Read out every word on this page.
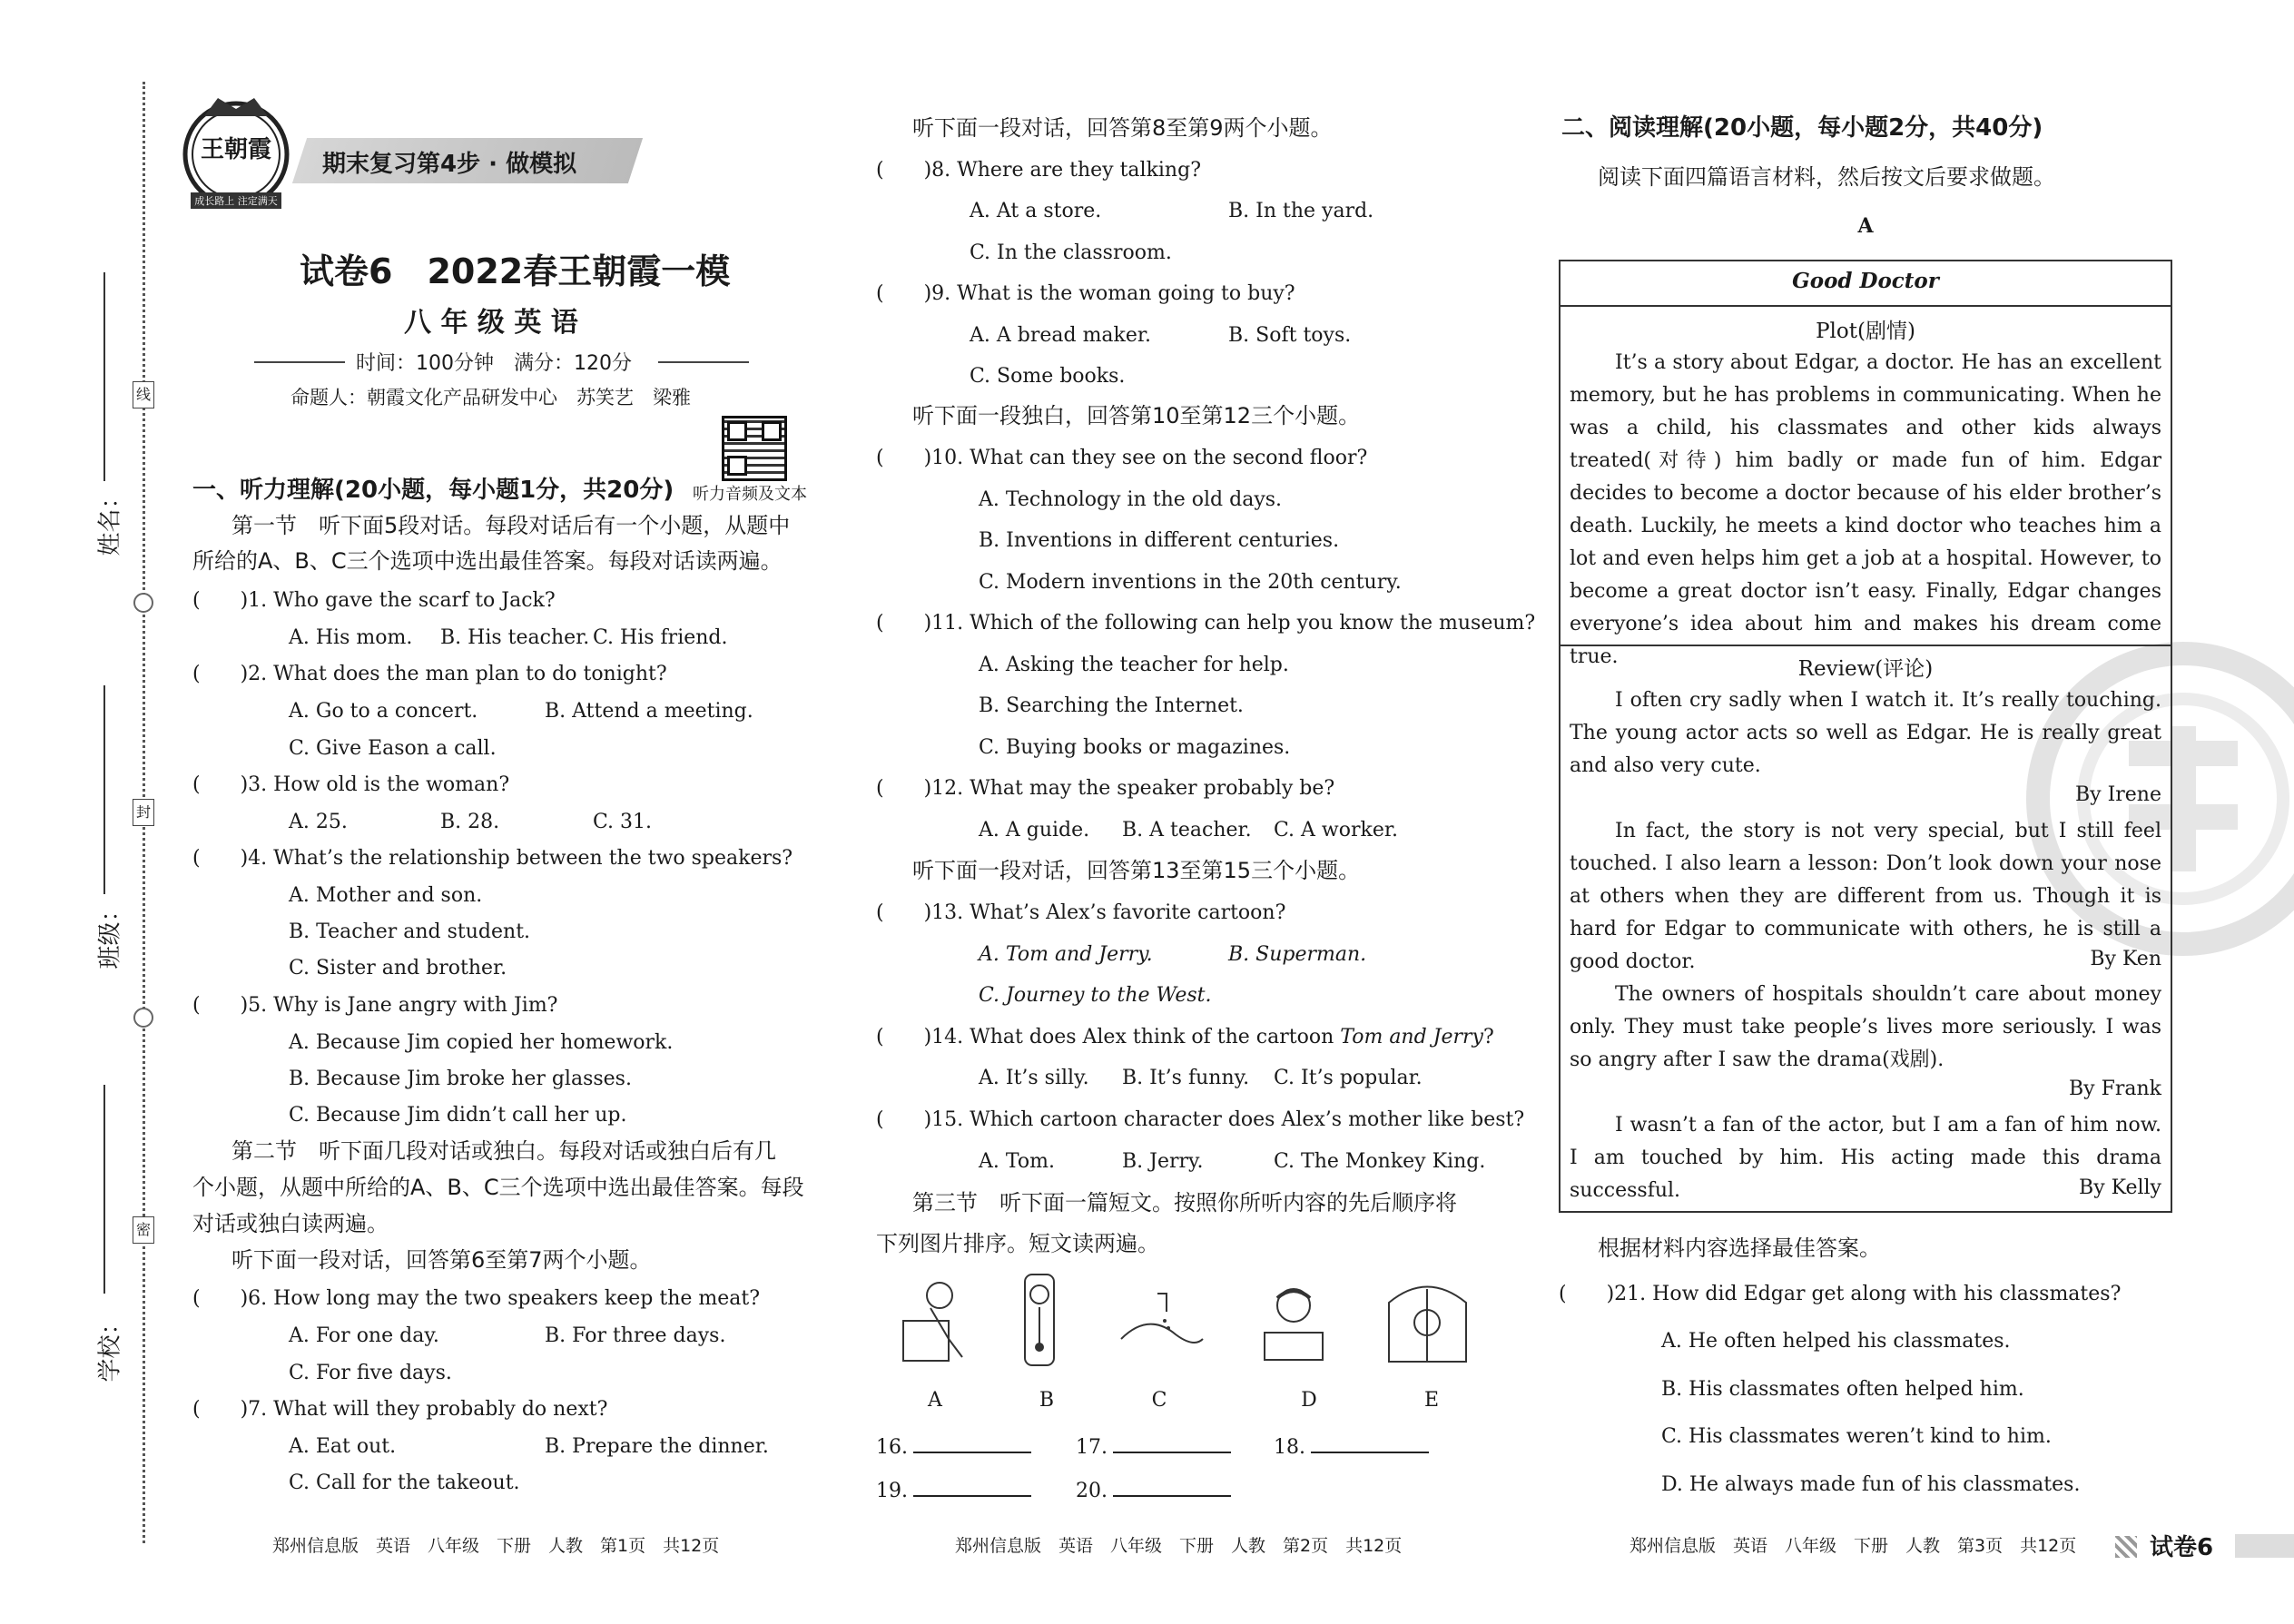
线
封
密
姓名：
班级：
学校：
王朝霞
成长路上 注定满天
期末复习第4步 · 做模拟
试卷6　2022春王朝霞一模
八 年 级 英 语
时间：100分钟　满分：120分
命题人：朝霞文化产品研发中心　苏笑艺　梁雅
听力音频及文本
一、听力理解(20小题，每小题1分，共20分)
第一节　听下面5段对话。每段对话后有一个小题，从题中
所给的A、B、C三个选项中选出最佳答案。每段对话读两遍。
(　　)1. Who gave the scarf to Jack?
A. His mom. B. His teacher. C. His friend.
(　　)2. What does the man plan to do tonight?
A. Go to a concert.	B. Attend a meeting.
C. Give Eason a call.
(　　)3. How old is the woman?
A. 25.	B. 28.	C. 31.
(　　)4. What’s the relationship between the two speakers?
A. Mother and son.
B. Teacher and student.
C. Sister and brother.
(　　)5. Why is Jane angry with Jim?
A. Because Jim copied her homework.
B. Because Jim broke her glasses.
C. Because Jim didn’t call her up.
第二节　听下面几段对话或独白。每段对话或独白后有几
个小题，从题中所给的A、B、C三个选项中选出最佳答案。每段
对话或独白读两遍。
听下面一段对话，回答第6至第7两个小题。
(　　)6. How long may the two speakers keep the meat?
A. For one day.	B. For three days.
C. For five days.
(　　)7. What will they probably do next?
A. Eat out.	B. Prepare the dinner.
C. Call for the takeout.
郑州信息版　英语　八年级　下册　人教　第1页　共12页
听下面一段对话，回答第8至第9两个小题。
(　　)8. Where are they talking?
A. At a store.	B. In the yard.
C. In the classroom.
(　　)9. What is the woman going to buy?
A. A bread maker.	B. Soft toys.
C. Some books.
听下面一段独白，回答第10至第12三个小题。
(　　)10. What can they see on the second floor?
A. Technology in the old days.
B. Inventions in different centuries.
C. Modern inventions in the 20th century.
(　　)11. Which of the following can help you know the museum?
A. Asking the teacher for help.
B. Searching the Internet.
C. Buying books or magazines.
(　　)12. What may the speaker probably be?
A. A guide. B. A teacher. C. A worker.
听下面一段对话，回答第13至第15三个小题。
(　　)13. What’s Alex’s favorite cartoon?
A. Tom and Jerry.	B. Superman.
C. Journey to the West.
(　　)14. What does Alex think of the cartoon Tom and Jerry?
A. It’s silly. B. It’s funny. C. It’s popular.
(　　)15. Which cartoon character does Alex’s mother like best?
A. Tom.	B. Jerry.	C. The Monkey King.
第三节　听下面一篇短文。按照你所听内容的先后顺序将
下列图片排序。短文读两遍。
A	B	C	D	E
16.	17.	18.
19.	20.
郑州信息版　英语　八年级　下册　人教　第2页　共12页
二、阅读理解(20小题，每小题2分，共40分)
阅读下面四篇语言材料，然后按文后要求做题。
A
Good Doctor
Plot(剧情)
It’s a story about Edgar, a doctor. He has an excellent memory, but he has problems in communicating. When he was a child, his classmates and other kids always treated(对待) him badly or made fun of him. Edgar decides to become a doctor because of his elder brother’s death. Luckily, he meets a kind doctor who teaches him a lot and even helps him get a job at a hospital. However, to become a great doctor isn’t easy. Finally, Edgar changes everyone’s idea about him and makes his dream come true.
Review(评论)
I often cry sadly when I watch it. It’s really touching. The young actor acts so well as Edgar. He is really great and also very cute.
By Irene
In fact, the story is not very special, but I still feel touched. I also learn a lesson: Don’t look down your nose at others when they are different from us. Though it is hard for Edgar to communicate with others, he is still a good doctor.	By Ken
The owners of hospitals shouldn’t care about money only. They must take people’s lives more seriously. I was so angry after I saw the drama(戏剧).
By Frank
I wasn’t a fan of the actor, but I am a fan of him now. I am touched by him. His acting made this drama successful.	By Kelly
根据材料内容选择最佳答案。
(　　)21. How did Edgar get along with his classmates?
A. He often helped his classmates.
B. His classmates often helped him.
C. His classmates weren’t kind to him.
D. He always made fun of his classmates.
郑州信息版　英语　八年级　下册　人教　第3页　共12页	试卷6
